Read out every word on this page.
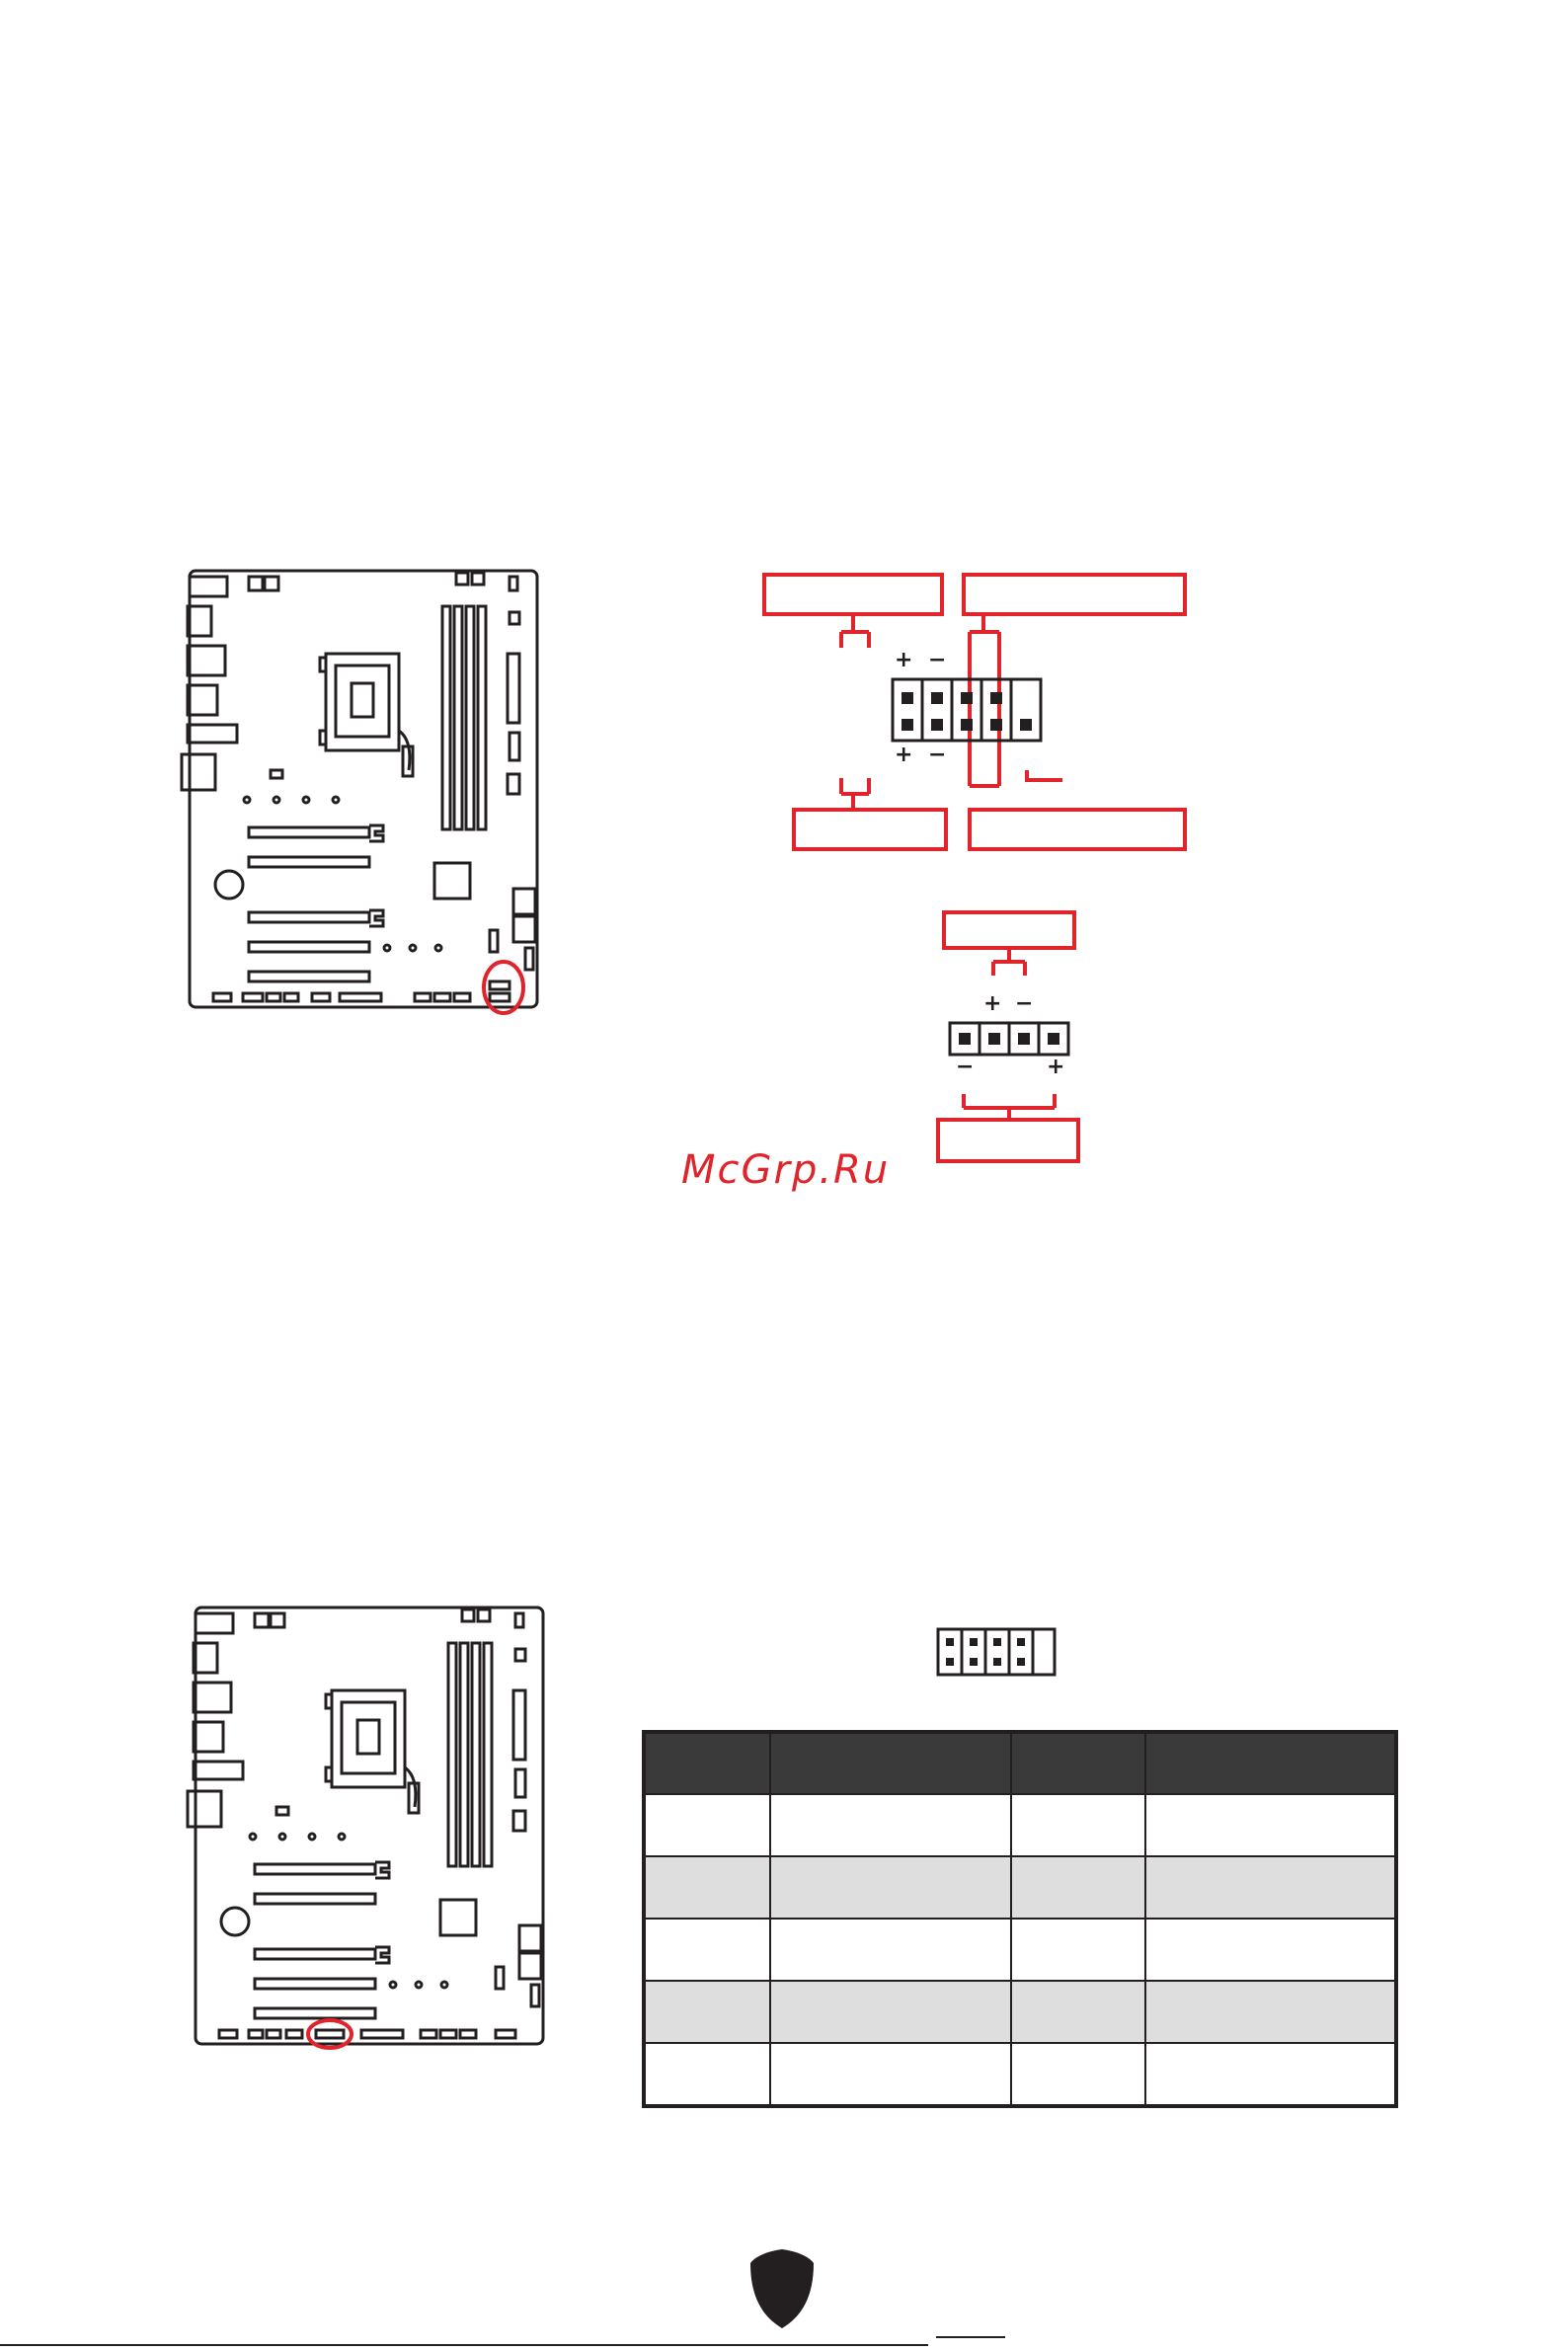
+ −
+ −
+ −
−	+
McGrp.Ru
